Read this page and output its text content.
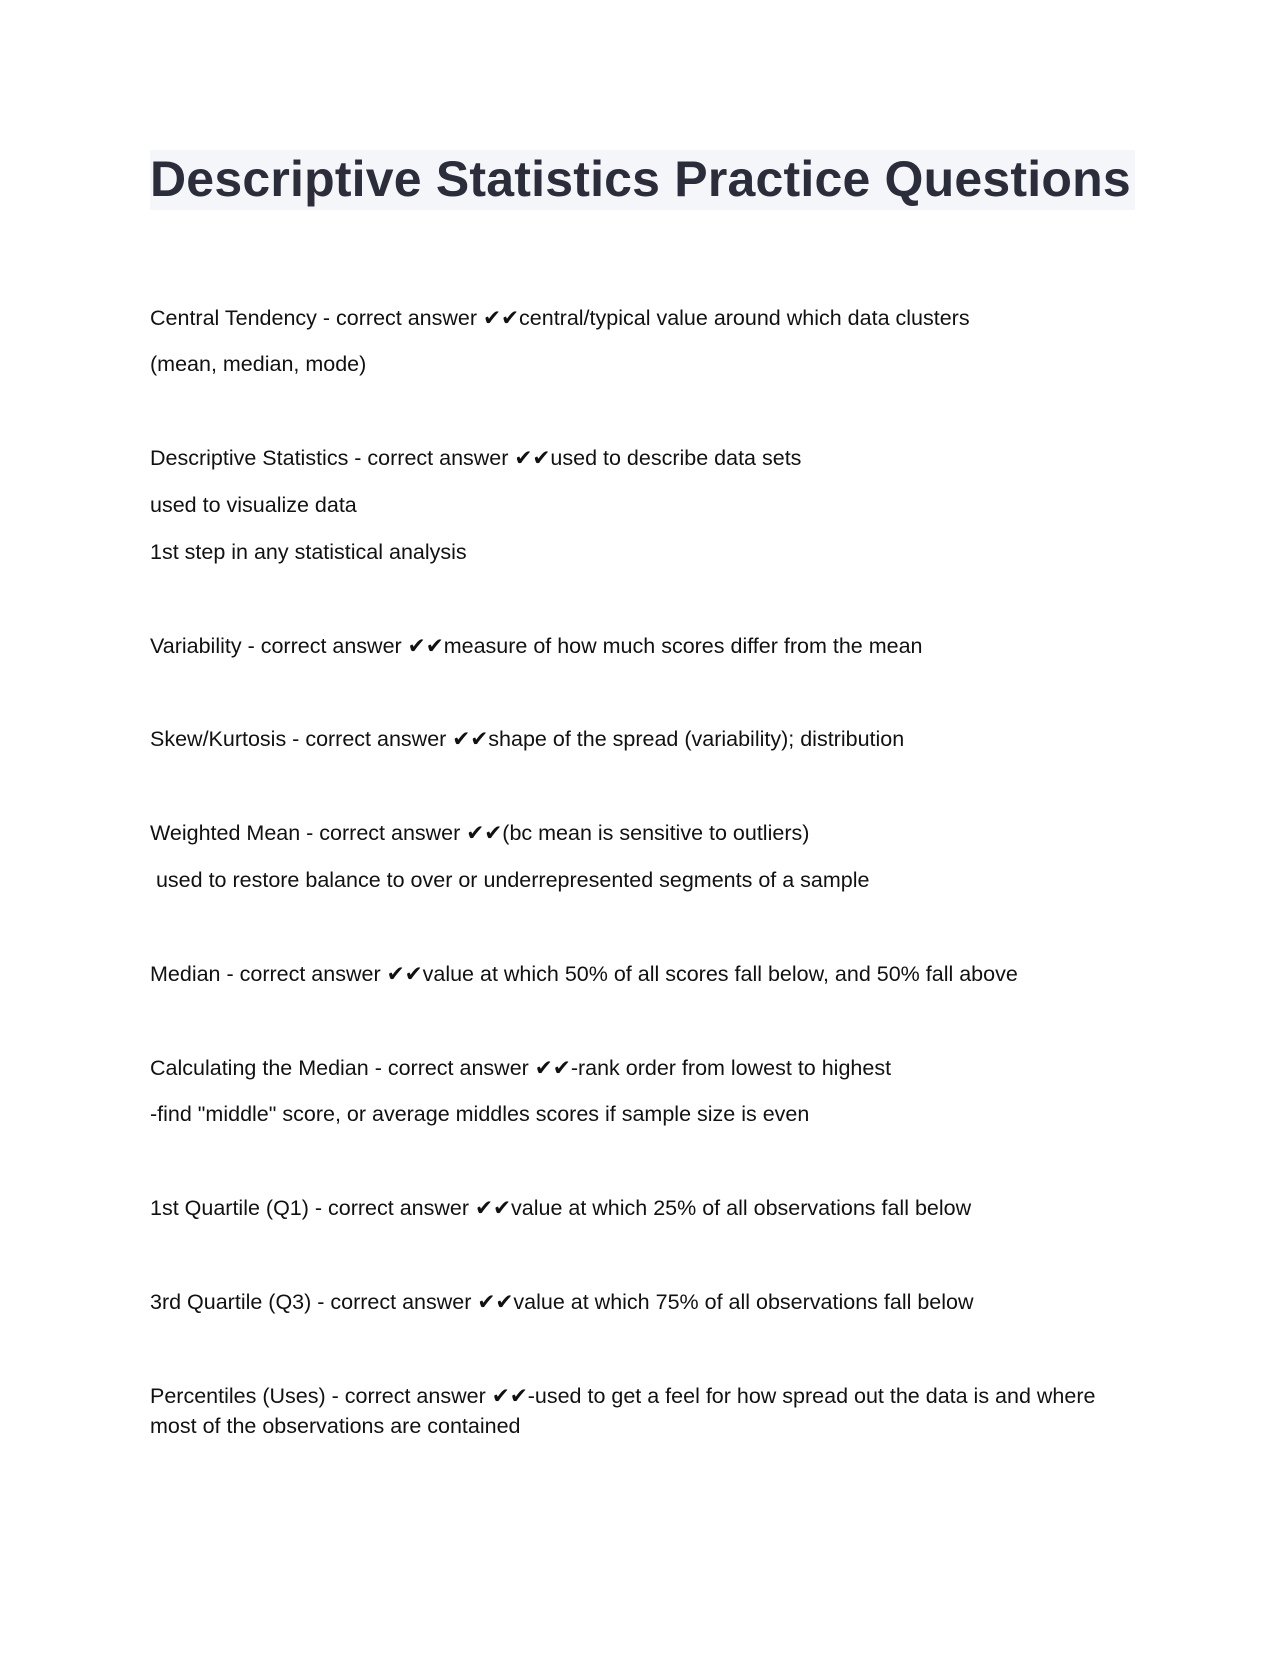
Descriptive Statistics Practice Questions
Central Tendency - correct answer ✔✔central/typical value around which data clusters
(mean, median, mode)
Descriptive Statistics - correct answer ✔✔used to describe data sets
used to visualize data
1st step in any statistical analysis
Variability - correct answer ✔✔measure of how much scores differ from the mean
Skew/Kurtosis - correct answer ✔✔shape of the spread (variability); distribution
Weighted Mean - correct answer ✔✔(bc mean is sensitive to outliers)
used to restore balance to over or underrepresented segments of a sample
Median - correct answer ✔✔value at which 50% of all scores fall below, and 50% fall above
Calculating the Median - correct answer ✔✔-rank order from lowest to highest
-find "middle" score, or average middles scores if sample size is even
1st Quartile (Q1) - correct answer ✔✔value at which 25% of all observations fall below
3rd Quartile (Q3) - correct answer ✔✔value at which 75% of all observations fall below
Percentiles (Uses) - correct answer ✔✔-used to get a feel for how spread out the data is and where most of the observations are contained
